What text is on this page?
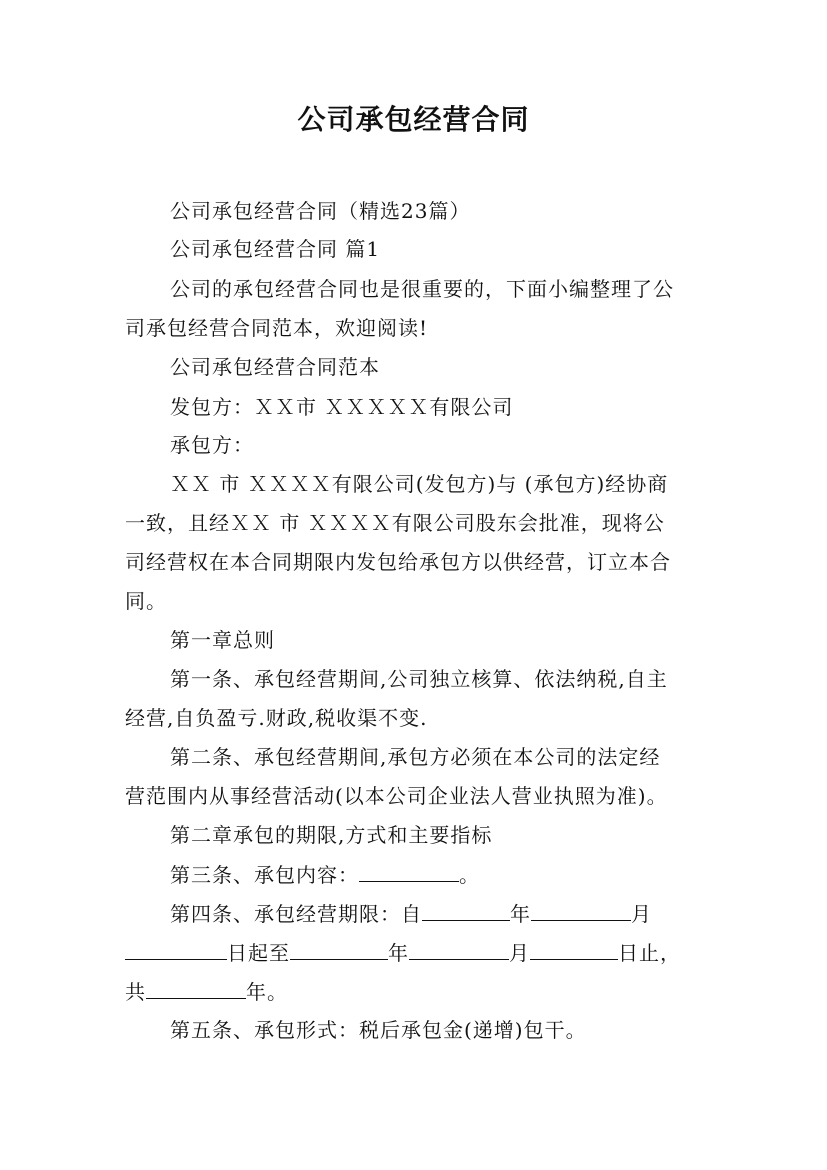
公司承包经营合同
公司承包经营合同（精选23篇）
公司承包经营合同 篇1
公司的承包经营合同也是很重要的，下面小编整理了公
司承包经营合同范本，欢迎阅读!
公司承包经营合同范本
发包方：ＸＸ市 ＸＸＸＸＸ有限公司
承包方：
ＸＸ 市 ＸＸＸＸ有限公司(发包方)与 (承包方)经协商
一致，且经ＸＸ 市 ＸＸＸＸ有限公司股东会批准，现将公
司经营权在本合同期限内发包给承包方以供经营，订立本合
同。
第一章总则
第一条、承包经营期间,公司独立核算、依法纳税,自主
经营,自负盈亏.财政,税收渠不变.
第二条、承包经营期间,承包方必须在本公司的法定经
营范围内从事经营活动(以本公司企业法人营业执照为准)。
第二章承包的期限,方式和主要指标
第三条、承包内容：	。
第四条、承包经营期限：自	年	月
日起至	年	月	日止，
共	年。
第五条、承包形式：税后承包金(递增)包干。
